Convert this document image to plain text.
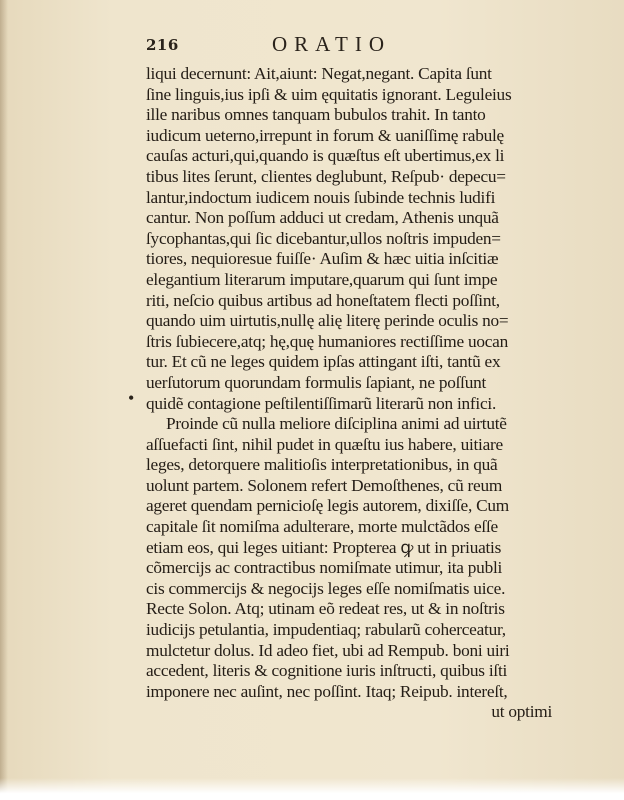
216	ORATIO
•
liqui decernunt: Ait,aiunt: Negat,negant. Capita ſunt
ſine linguis,ius ipſi & uim ęquitatis ignorant. Leguleius
ille naribus omnes tanquam bubulos trahit. In tanto
iudicum ueterno,irrepunt in forum & uaniſſimę rabulę
cauſas acturi,qui,quando is quæſtus eſt ubertimus,ex li
tibus lites ſerunt, clientes deglubunt, Reſpub· depecu=
lantur,indoctum iudicem nouis ſubinde technis ludifi
cantur. Non poſſum adduci ut credam, Athenis unquã
ſycophantas,qui ſic dicebantur,ullos noſtris impuden=
tiores, nequioresue fuiſſe· Auſim & hæc uitia inſcitiæ
elegantium literarum imputare,quarum qui ſunt impe
riti, neſcio quibus artibus ad honeſtatem flecti poſſint,
quando uim uirtutis,nullę alię literę perinde oculis no=
ſtris ſubiecere,atq; hę,quę humaniores rectiſſime uocan
tur. Et cũ ne leges quidem ipſas attingant iſti, tantũ ex
uerſutorum quorundam formulis ſapiant, ne poſſunt
quidẽ contagione peſtilentiſſimarũ literarũ non infici.
Proinde cũ nulla meliore diſciplina animi ad uirtutẽ
aſſuefacti ſint, nihil pudet in quæſtu ius habere, uitiare
leges, detorquere malitioſis interpretationibus, in quã
uolunt partem. Solonem refert Demoſthenes, cũ reum
ageret quendam pernicioſę legis autorem, dixiſſe, Cum
capitale ſit nomiſma adulterare, morte mulctãdos eſſe
etiam eos, qui leges uitiant: Propterea ꝙ ut in priuatis
cõmercijs ac contractibus nomiſmate utimur, ita publi
cis commercijs & negocijs leges eſſe nomiſmatis uice.
Recte Solon. Atq; utinam eõ redeat res, ut & in noſtris
iudicijs petulantia, impudentiaq; rabularũ coherceatur,
mulctetur dolus. Id adeo fiet, ubi ad Rempub. boni uiri
accedent, literis & cognitione iuris inſtructi, quibus iſti
imponere nec auſint, nec poſſint. Itaq; Reipub. intereſt,
ut optimi
